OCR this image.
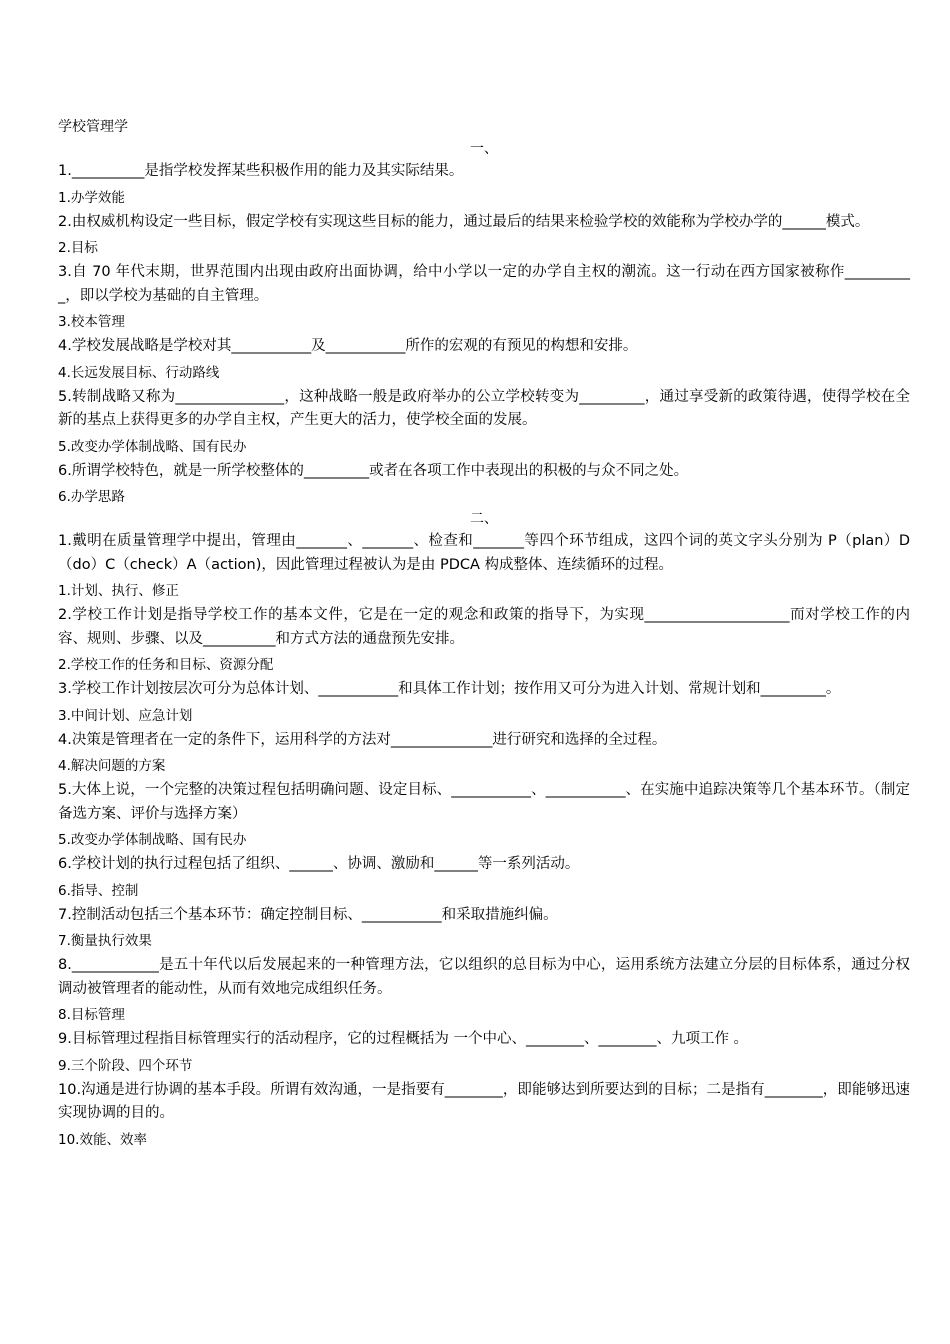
学校管理学
一、
1.__________是指学校发挥某些积极作用的能力及其实际结果。
1.办学效能
2.由权威机构设定一些目标，假定学校有实现这些目标的能力，通过最后的结果来检验学校的效能称为学校办学的______模式。
2.目标
3.自 70 年代末期，世界范围内出现由政府出面协调，给中小学以一定的办学自主权的潮流。这一行动在西方国家被称作__________，即以学校为基础的自主管理。
3.校本管理
4.学校发展战略是学校对其___________及___________所作的宏观的有预见的构想和安排。
4.长远发展目标、行动路线
5.转制战略又称为_______________，这种战略一般是政府举办的公立学校转变为_________，通过享受新的政策待遇，使得学校在全新的基点上获得更多的办学自主权，产生更大的活力，使学校全面的发展。
5.改变办学体制战略、国有民办
6.所谓学校特色，就是一所学校整体的_________或者在各项工作中表现出的积极的与众不同之处。
6.办学思路
二、
1.戴明在质量管理学中提出，管理由_______、_______、检查和_______等四个环节组成，这四个词的英文字头分别为 P（plan）D（do）C（check）A（action)，因此管理过程被认为是由 PDCA 构成整体、连续循环的过程。
1.计划、执行、修正
2.学校工作计划是指导学校工作的基本文件，它是在一定的观念和政策的指导下，为实现____________________而对学校工作的内容、规则、步骤、以及__________和方式方法的通盘预先安排。
2.学校工作的任务和目标、资源分配
3.学校工作计划按层次可分为总体计划、___________和具体工作计划；按作用又可分为进入计划、常规计划和_________。
3.中间计划、应急计划
4.决策是管理者在一定的条件下，运用科学的方法对______________进行研究和选择的全过程。
4.解决问题的方案
5.大体上说，一个完整的决策过程包括明确问题、设定目标、___________、___________、在实施中追踪决策等几个基本环节。（制定备选方案、评价与选择方案）
5.改变办学体制战略、国有民办
6.学校计划的执行过程包括了组织、______、协调、激励和______等一系列活动。
6.指导、控制
7.控制活动包括三个基本环节：确定控制目标、___________和采取措施纠偏。
7.衡量执行效果
8.____________是五十年代以后发展起来的一种管理方法，它以组织的总目标为中心，运用系统方法建立分层的目标体系，通过分权调动被管理者的能动性，从而有效地完成组织任务。
8.目标管理
9.目标管理过程指目标管理实行的活动程序，它的过程概括为 一个中心、________、________、九项工作 。
9.三个阶段、四个环节
10.沟通是进行协调的基本手段。所谓有效沟通，一是指要有________，即能够达到所要达到的目标；二是指有________，即能够迅速实现协调的目的。
10.效能、效率
